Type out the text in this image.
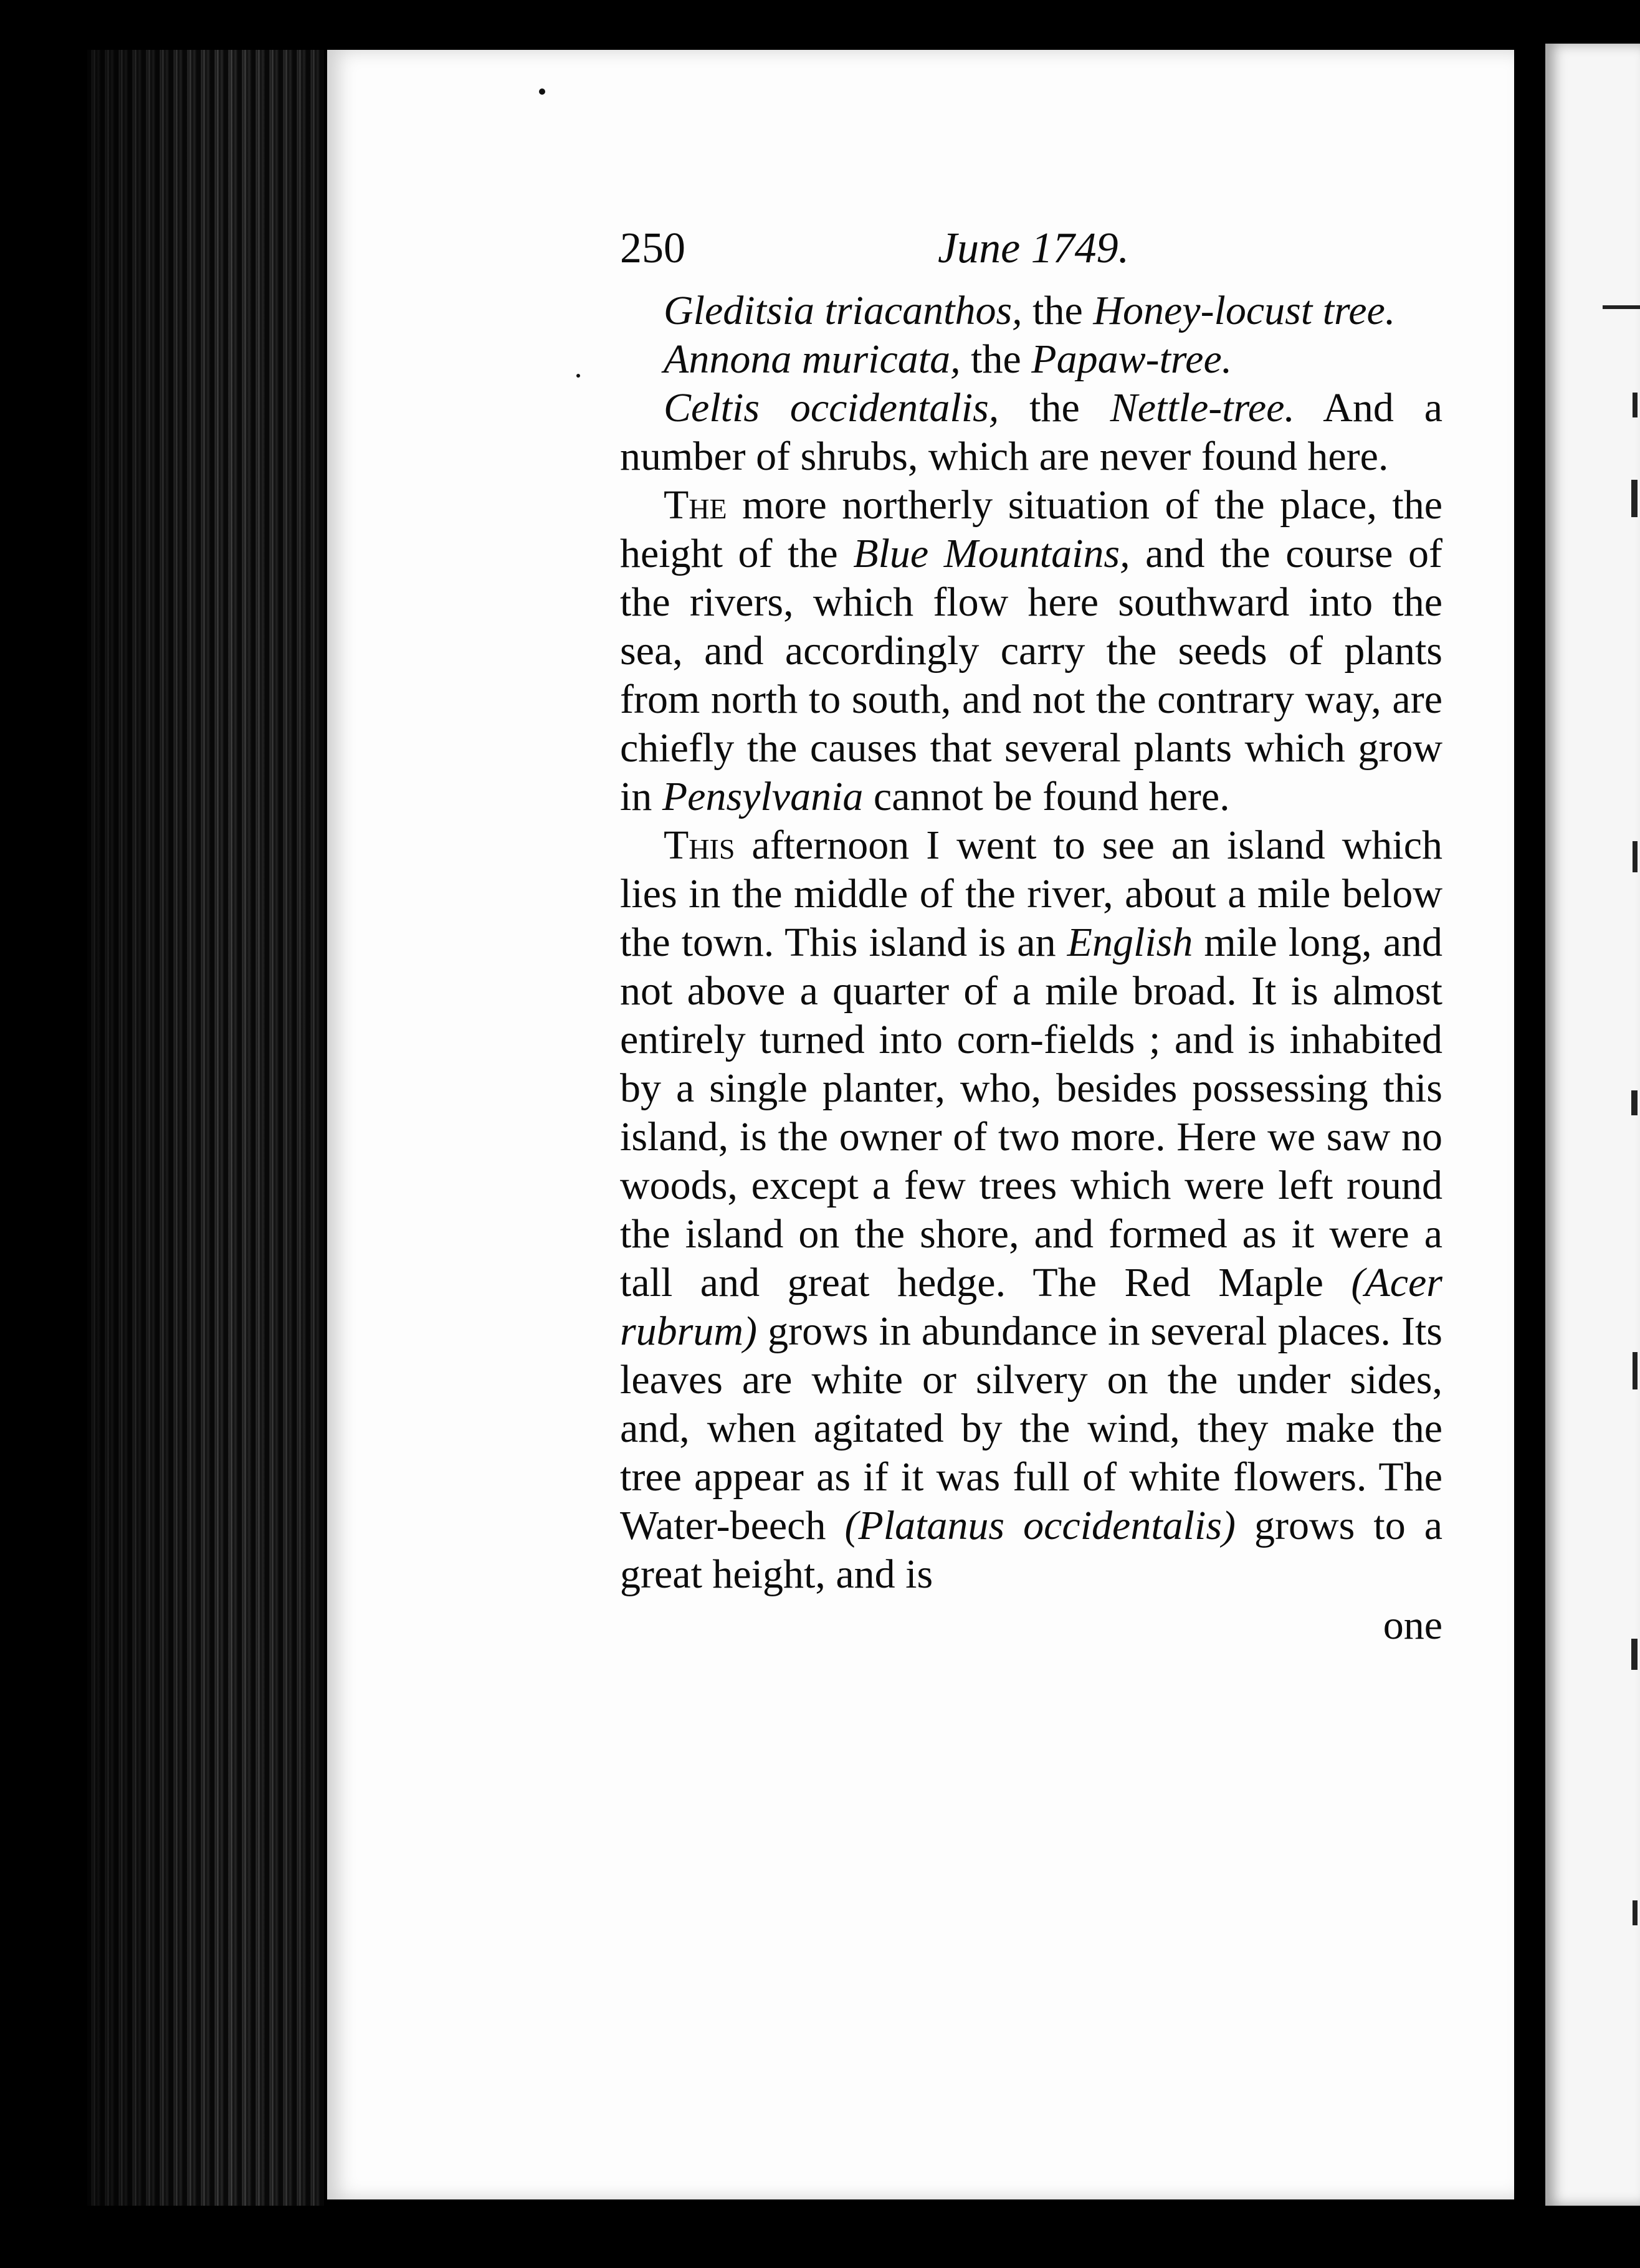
250	June 1749.
Gleditsia triacanthos, the Honey-locust tree.
Annona muricata, the Papaw-tree.

Celtis occidentalis, the Nettle-tree. And a number of shrubs, which are never found here.

The more northerly situation of the place, the height of the Blue Mountains, and the course of the rivers, which flow here southward into the sea, and accordingly carry the seeds of plants from north to south, and not the contrary way, are chiefly the causes that several plants which grow in Pensylvania cannot be found here.

This afternoon I went to see an island which lies in the middle of the river, about a mile below the town. This island is an English mile long, and not above a quarter of a mile broad. It is almost entirely turned into corn-fields ; and is inhabited by a single planter, who, besides possessing this island, is the owner of two more. Here we saw no woods, except a few trees which were left round the island on the shore, and formed as it were a tall and great hedge. The Red Maple (Acer rubrum) grows in abundance in several places. Its leaves are white or silvery on the under sides, and, when agitated by the wind, they make the tree appear as if it was full of white flowers. The Water-beech (Platanus occidentalis) grows to a great height, and is

one
